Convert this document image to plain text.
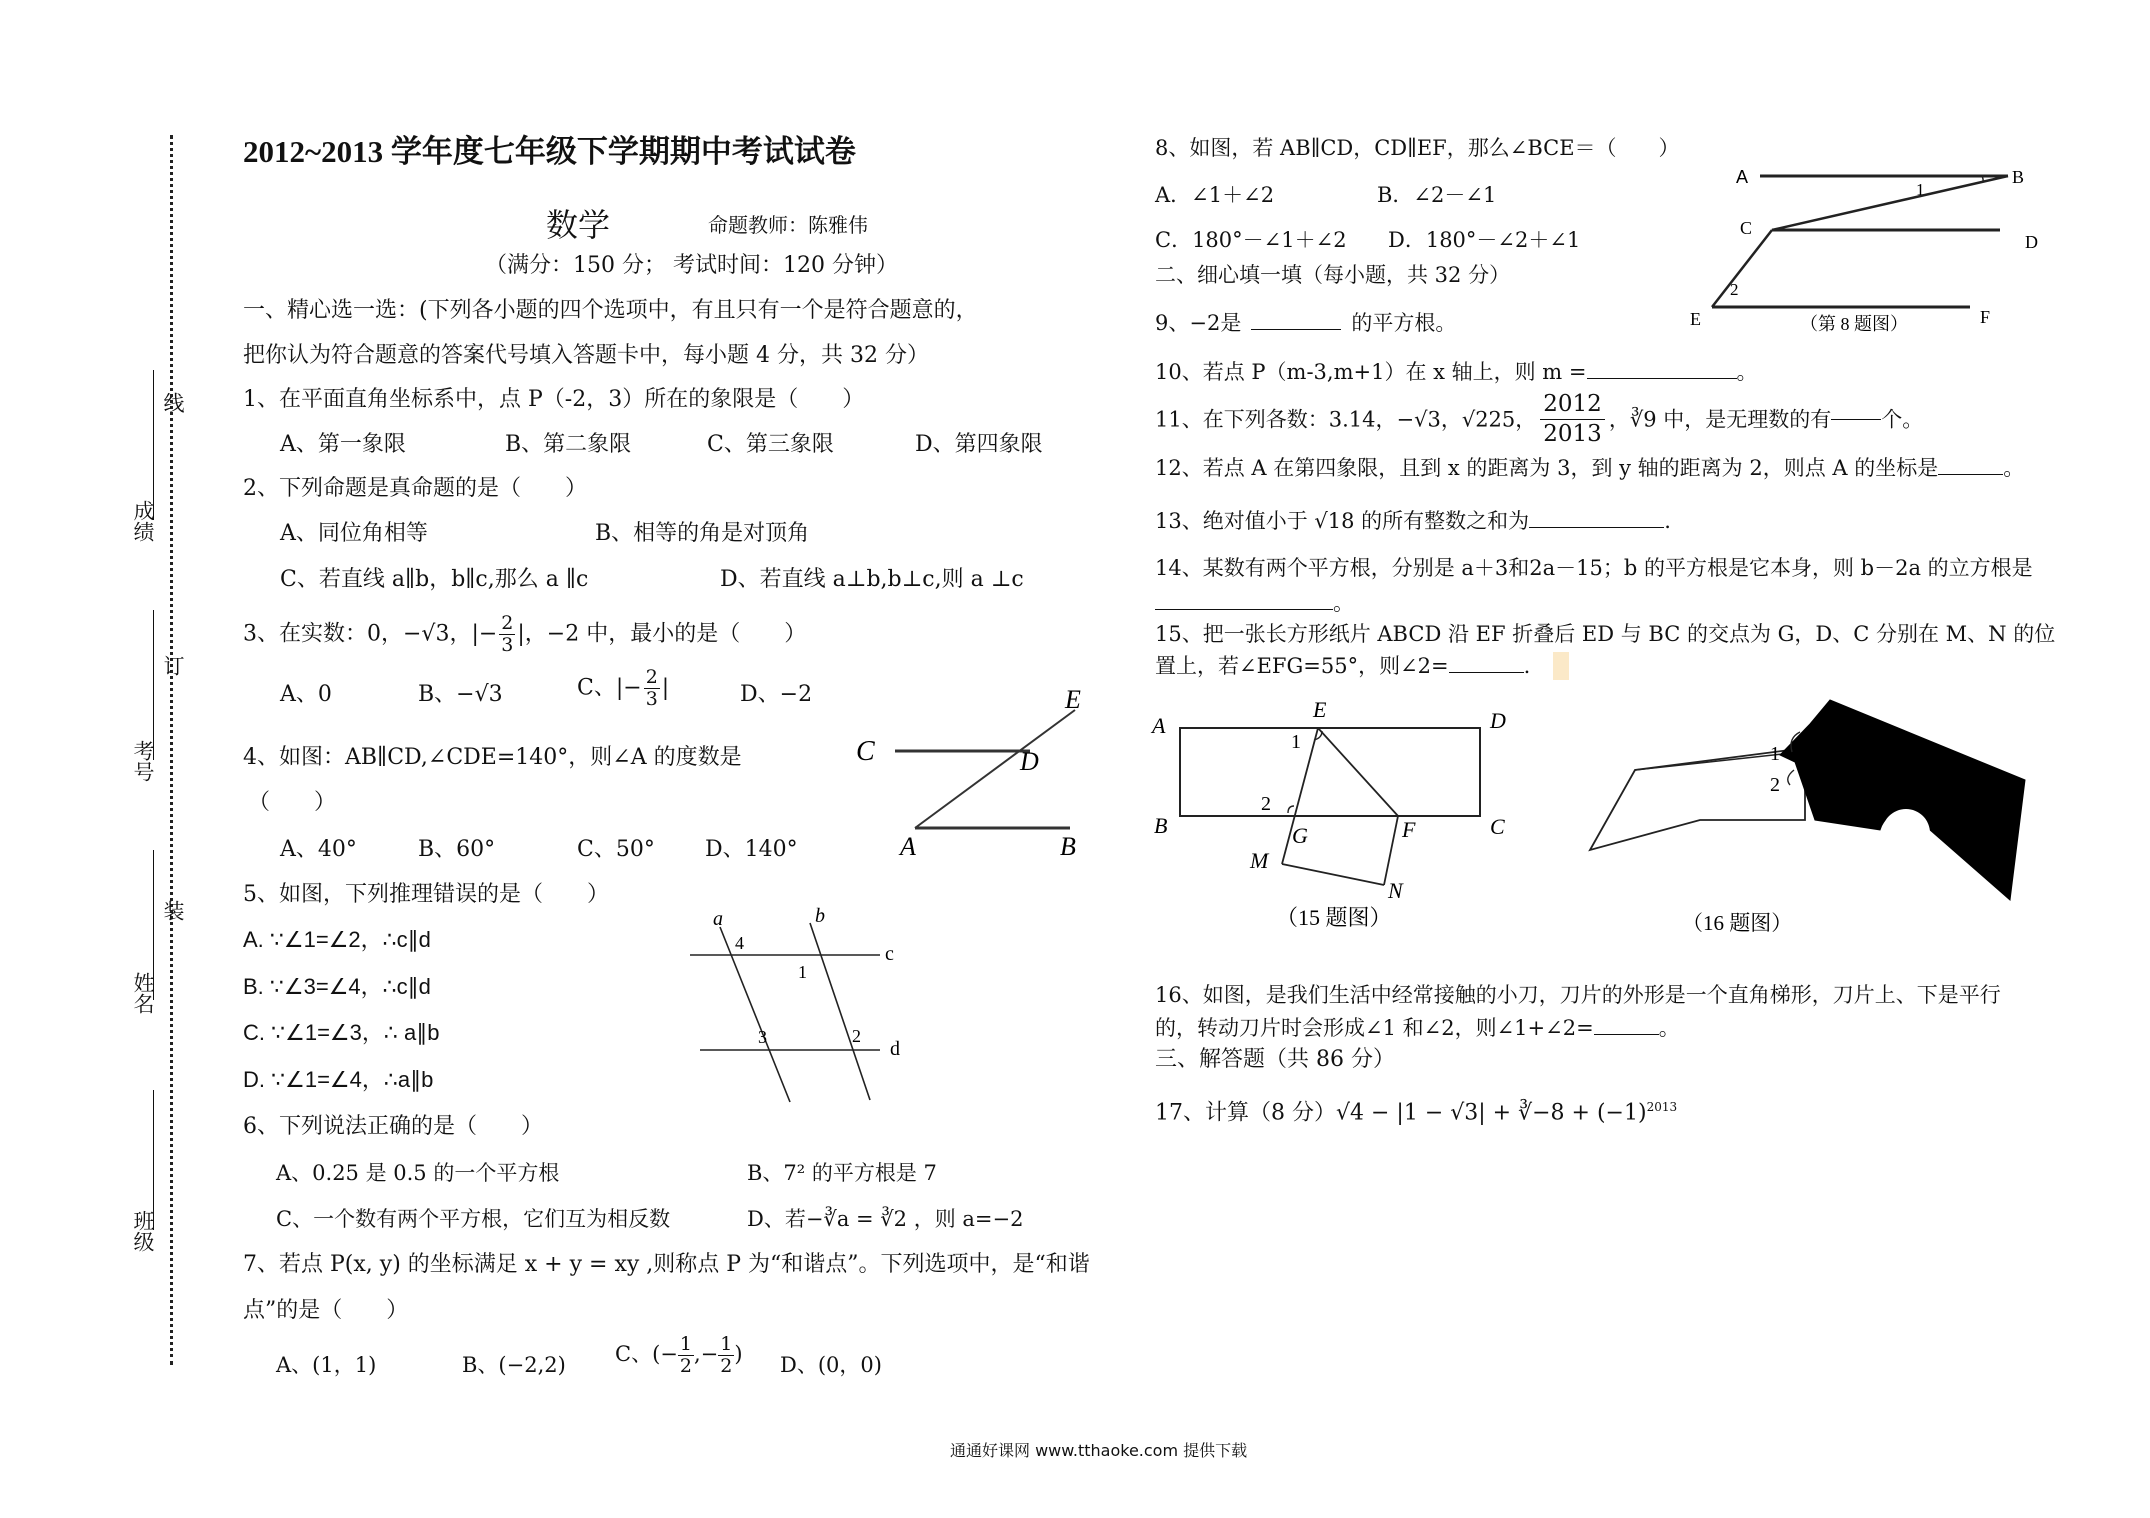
线
订
装
成绩
考号
姓名
班级
2012~2013 学年度七年级下学期期中考试试卷
数学	命题教师：陈雅伟
（满分：150 分； 考试时间：120 分钟）
一、精心选一选：(下列各小题的四个选项中，有且只有一个是符合题意的，
把你认为符合题意的答案代号填入答题卡中，每小题 4 分，共 32 分）
1、在平面直角坐标系中，点 P（-2，3）所在的象限是（　　）
A、第一象限	B、第二象限	C、第三象限	D、第四象限
2、下列命题是真命题的是（　　）
A、同位角相等	B、相等的角是对顶角
C、若直线 a∥b，b∥c,那么 a ∥c	D、若直线 a⊥b,b⊥c,则 a ⊥c
3、在实数：0，−√3，|− $\frac{2}{3}$ |，−2 中，最小的是（　　）
A、0	B、−√3	C、|− $\frac{2}{3}$ |	D、−2
4、如图：AB∥CD,∠CDE=140°，则∠A 的度数是
（　　）
A、40°	B、60°	C、50° D、140°
C	D
E
A	B
5、如图，下列推理错误的是（　　）
A. ∵∠1=∠2，∴c∥d
B. ∵∠3=∠4，∴c∥d
C. ∵∠1=∠3，∴ a∥b
D. ∵∠1=∠4，∴a∥b
a	b
4
1
c
3	2
d
6、下列说法正确的是（　　）
A、0.25 是 0.5 的一个平方根	B、7² 的平方根是 7
C、一个数有两个平方根，它们互为相反数	D、若−∛a = ∛2 ，则 a=−2
7、若点 P(x, y) 的坐标满足 x + y = xy ,则称点 P 为“和谐点”。下列选项中，是“和谐
点”的是（　　）
A、(1，1)	B、(−2,2) C、(− $\frac{1}{2}$ ,− $\frac{1}{2}$ ) D、(0，0)
8、如图，若 AB∥CD，CD∥EF，那么∠BCE＝（　　）
A．∠1＋∠2	B．∠2－∠1
C．180°－∠1＋∠2 D．180°－∠2＋∠1
A	B
1
C
D
2
E	F
（第 8 题图）
二、细心填一填（每小题，共 32 分）
9、−2是	的平方根。
10、若点 P（m-3,m+1）在 x 轴上，则 m =	。
11、在下列各数：3.14，−√3，√225， $\frac{2012}{2013}$ ，∛9 中，是无理数的有 个。
12、若点 A 在第四象限，且到 x 的距离为 3，到 y 轴的距离为 2，则点 A 的坐标是	。
13、绝对值小于 √18 的所有整数之和为	.
14、某数有两个平方根，分别是 a＋3和2a－15；b 的平方根是它本身，则 b－2a 的立方根是
。
15、把一张长方形纸片 ABCD 沿 EF 折叠后 ED 与 BC 的交点为 G，D、C 分别在 M、N 的位
置上，若∠EFG=55°，则∠2=	.
A
E	D
1
2
B	G	F	C
M
N
（15 题图）
1
2
（16 题图）
16、如图，是我们生活中经常接触的小刀，刀片的外形是一个直角梯形，刀片上、下是平行
的，转动刀片时会形成∠1 和∠2，则∠1+∠2=	。
三、解答题（共 86 分）
17、计算（8 分）√4 − |1 − √3| + ∛−8 + $(-1)^{2013}$
通通好课网 www.tthaoke.com 提供下载
